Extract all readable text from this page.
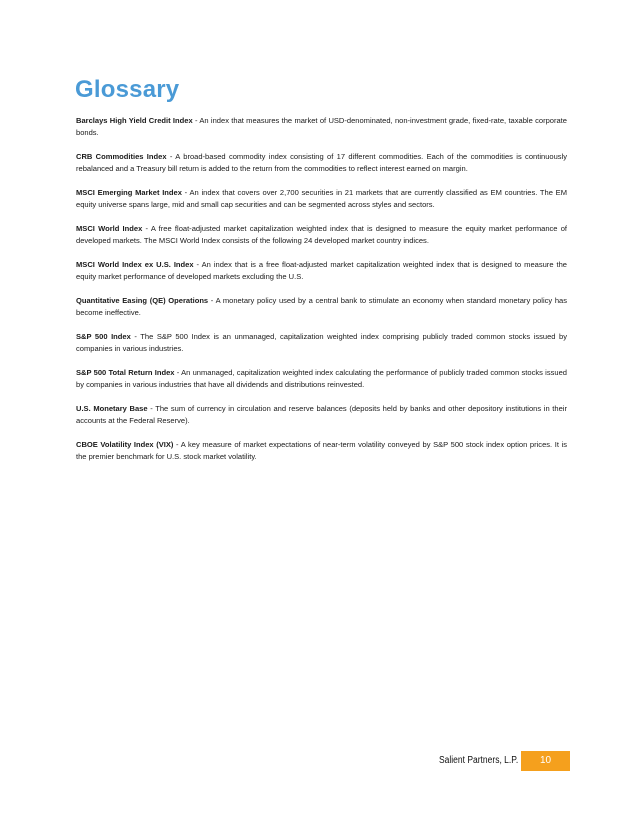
Glossary

Barclays High Yield Credit Index - An index that measures the market of USD-denominated, non-investment grade, fixed-rate, taxable corporate bonds.

CRB Commodities Index - A broad-based commodity index consisting of 17 different commodities. Each of the commodities is continuously rebalanced and a Treasury bill return is added to the return from the commodities to reflect interest earned on margin.

MSCI Emerging Market Index - An index that covers over 2,700 securities in 21 markets that are currently classified as EM countries. The EM equity universe spans large, mid and small cap securities and can be segmented across styles and sectors.

MSCI World Index - A free float-adjusted market capitalization weighted index that is designed to measure the equity market performance of developed markets. The MSCI World Index consists of the following 24 developed market country indices.

MSCI World Index ex U.S. Index - An index that is a free float-adjusted market capitalization weighted index that is designed to measure the equity market performance of developed markets excluding the U.S.

Quantitative Easing (QE) Operations - A monetary policy used by a central bank to stimulate an economy when standard monetary policy has become ineffective.

S&P 500 Index - The S&P 500 Index is an unmanaged, capitalization weighted index comprising publicly traded common stocks issued by companies in various industries.

S&P 500 Total Return Index - An unmanaged, capitalization weighted index calculating the performance of publicly traded common stocks issued by companies in various industries that have all dividends and distributions reinvested.

U.S. Monetary Base - The sum of currency in circulation and reserve balances (deposits held by banks and other depository institutions in their accounts at the Federal Reserve).

CBOE Volatility Index (VIX) - A key measure of market expectations of near-term volatility conveyed by S&P 500 stock index option prices. It is the premier benchmark for U.S. stock market volatility.

Salient Partners, L.P.	10
